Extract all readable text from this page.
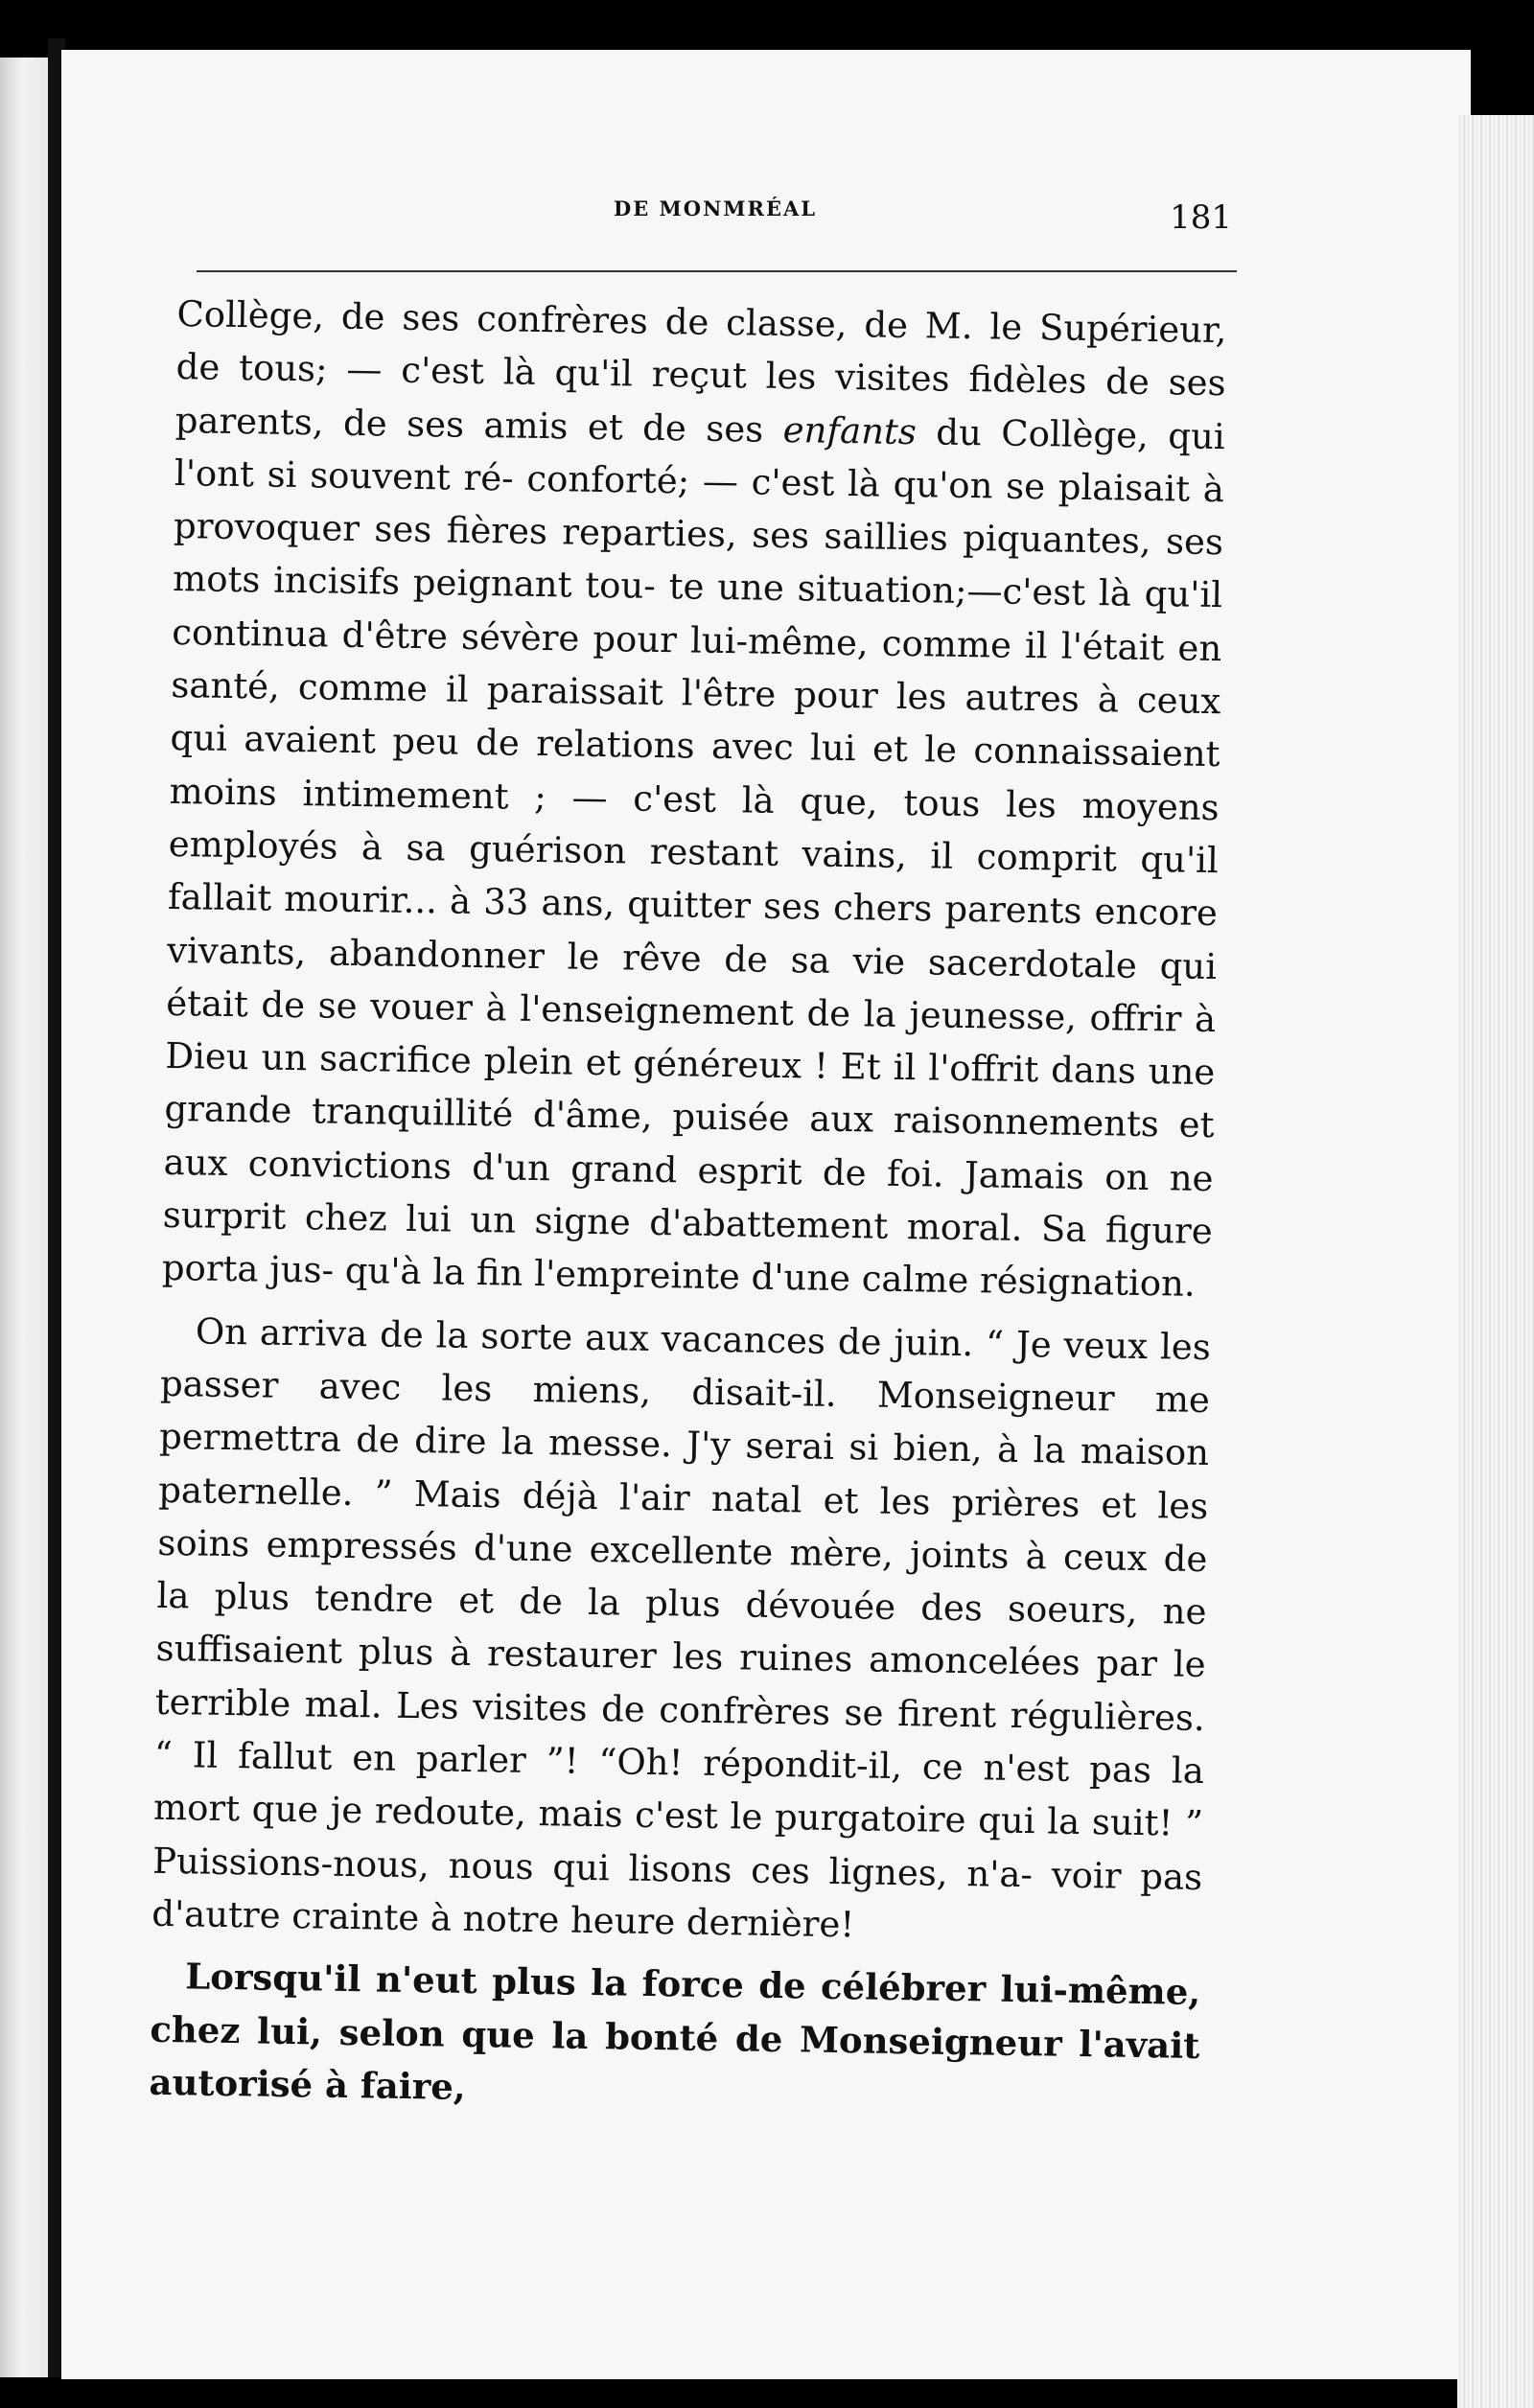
DE MONMRÉAL	181

Collège, de ses confrères de classe, de M. le Supérieur, de tous; — c'est là qu'il reçut les visites fidèles de ses parents, de ses amis et de ses enfants du Collège, qui l'ont si souvent ré- conforté; — c'est là qu'on se plaisait à provoquer ses fières reparties, ses saillies piquantes, ses mots incisifs peignant tou- te une situation;—c'est là qu'il continua d'être sévère pour lui-même, comme il l'était en santé, comme il paraissait l'être pour les autres à ceux qui avaient peu de relations avec lui et le connaissaient moins intimement ; — c'est là que, tous les moyens employés à sa guérison restant vains, il comprit qu'il fallait mourir... à 33 ans, quitter ses chers parents encore vivants, abandonner le rêve de sa vie sacerdotale qui était de se vouer à l'enseignement de la jeunesse, offrir à Dieu un sacrifice plein et généreux ! Et il l'offrit dans une grande tranquillité d'âme, puisée aux raisonnements et aux convictions d'un grand esprit de foi. Jamais on ne surprit chez lui un signe d'abattement moral. Sa figure porta jus- qu'à la fin l'empreinte d'une calme résignation.

On arriva de la sorte aux vacances de juin. “ Je veux les passer avec les miens, disait-il. Monseigneur me permettra de dire la messe. J'y serai si bien, à la maison paternelle. ” Mais déjà l'air natal et les prières et les soins empressés d'une excellente mère, joints à ceux de la plus tendre et de la plus dévouée des soeurs, ne suffisaient plus à restaurer les ruines amoncelées par le terrible mal. Les visites de confrères se firent régulières. “ Il fallut en parler ”! “Oh! répondit-il, ce n'est pas la mort que je redoute, mais c'est le purgatoire qui la suit! ” Puissions-nous, nous qui lisons ces lignes, n'a- voir pas d'autre crainte à notre heure dernière!

Lorsqu'il n'eut plus la force de célébrer lui-même, chez lui, selon que la bonté de Monseigneur l'avait autorisé à faire,
